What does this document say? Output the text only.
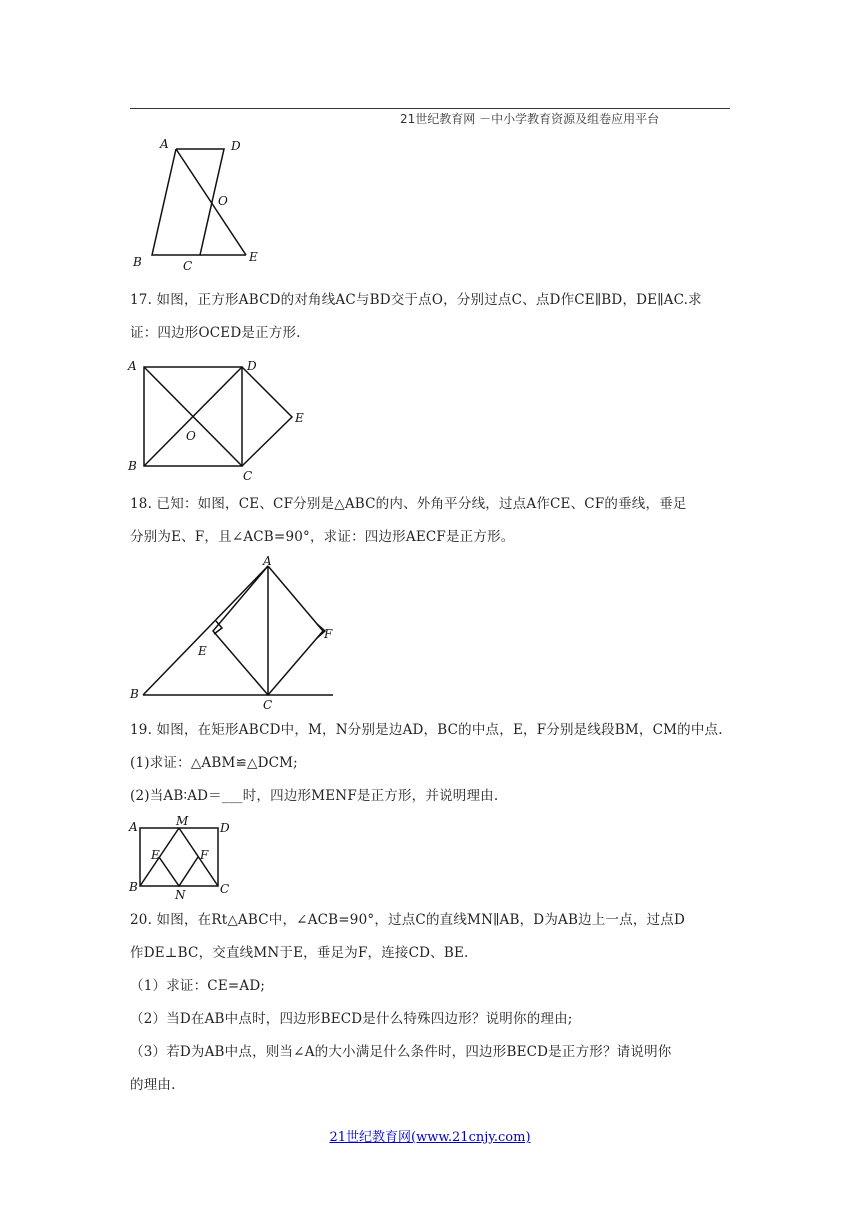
21世纪教育网 －中小学教育资源及组卷应用平台
A	D
O
B	C
E

17. 如图，正方形ABCD的对角线AC与BD交于点O，分别过点C、点D作CE∥BD，DE∥AC.求

证：四边形OCED是正方形.

A	D
O
E
B
C

18. 已知：如图，CE、CF分别是△ABC的内、外角平分线，过点A作CE、CF的垂线，垂足

分别为E、F，且∠ACB=90°，求证：四边形AECF是正方形。

A
E
F
B
C

19. 如图，在矩形ABCD中，M，N分别是边AD，BC的中点，E，F分别是线段BM，CM的中点.

(1)求证：△ABM≌△DCM;

(2)当AB∶AD＝___时，四边形MENF是正方形，并说明理由.

A	M	D
E	F
B
N	C

20. 如图，在Rt△ABC中，∠ACB=90°，过点C的直线MN∥AB，D为AB边上一点，过点D

作DE⊥BC，交直线MN于E，垂足为F，连接CD、BE.

（1）求证：CE=AD;

（2）当D在AB中点时，四边形BECD是什么特殊四边形？说明你的理由;

（3）若D为AB中点，则当∠A的大小满足什么条件时，四边形BECD是正方形？请说明你

的理由.

21世纪教育网(www.21cnjy.com)
